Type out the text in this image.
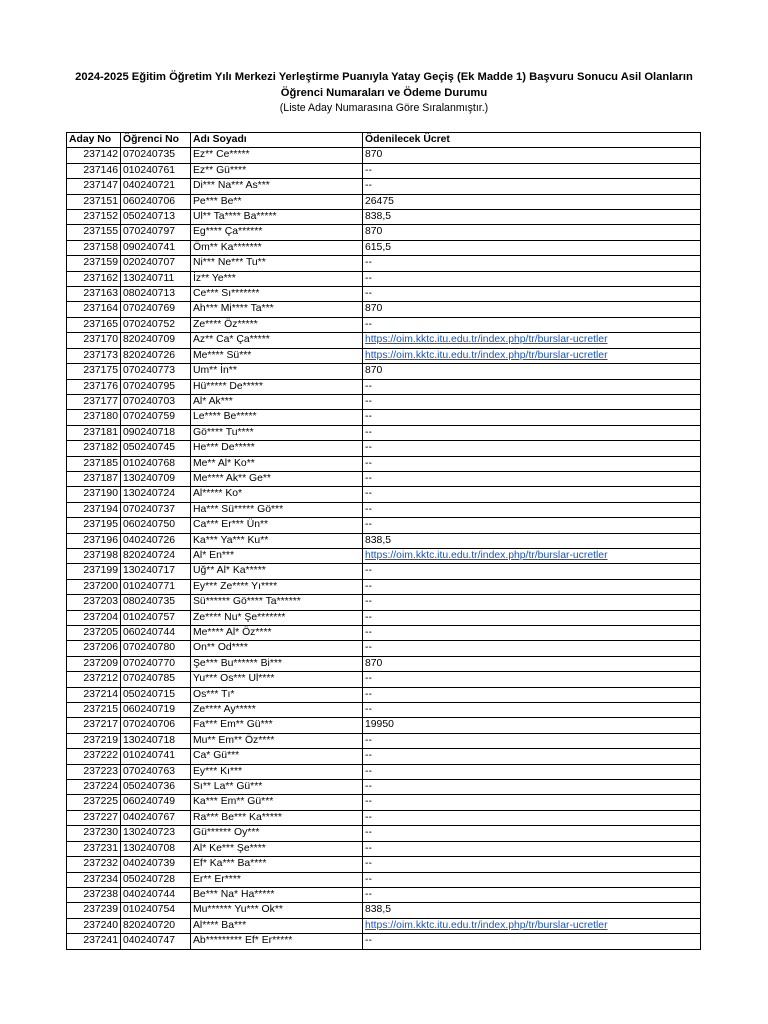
2024-2025 Eğitim Öğretim Yılı Merkezi Yerleştirme Puanıyla Yatay Geçiş (Ek Madde 1) Başvuru Sonucu Asil Olanların

Öğrenci Numaraları ve Ödeme Durumu

(Liste Aday Numarasına Göre Sıralanmıştır.)

Aday No	Öğrenci No	Adı Soyadı	Ödenilecek Ücret
237142	070240735	Ez** Ce*****	870
237146	010240761	Ez** Gü****	--
237147	040240721	Di*** Na*** As***	--
237151	060240706	Pe*** Be**	26475
237152	050240713	Ul** Ta**** Ba*****	838,5
237155	070240797	Eg**** Ça******	870
237158	090240741	Öm** Ka*******	615,5
237159	020240707	Ni*** Ne*** Tu**	--
237162	130240711	İz** Ye***	--
237163	080240713	Ce*** Sı*******	--
237164	070240769	Ah*** Mi**** Ta***	870
237165	070240752	Ze**** Öz*****	--
237170	820240709	Az** Ca* Ça*****	https://oim.kktc.itu.edu.tr/index.php/tr/burslar-ucretler
237173	820240726	Me**** Sü***	https://oim.kktc.itu.edu.tr/index.php/tr/burslar-ucretler
237175	070240773	Um** İn**	870
237176	070240795	Hü***** De*****	--
237177	070240703	Al* Ak***	--
237180	070240759	Le**** Be*****	--
237181	090240718	Gö**** Tu****	--
237182	050240745	He*** De*****	--
237185	010240768	Me** Al* Ko**	--
237187	130240709	Me**** Ak** Ge**	--
237190	130240724	Al***** Ko*	--
237194	070240737	Ha*** Sü***** Gö***	--
237195	060240750	Ca*** Er*** Ün**	--
237196	040240726	Ka*** Ya*** Ku**	838,5
237198	820240724	Al* En***	https://oim.kktc.itu.edu.tr/index.php/tr/burslar-ucretler
237199	130240717	Uğ** Al* Ka*****	--
237200	010240771	Ey*** Ze**** Yı****	--
237203	080240735	Sü****** Gö**** Ta******	--
237204	010240757	Ze**** Nu* Şe*******	--
237205	060240744	Me**** Al* Öz****	--
237206	070240780	On** Od****	--
237209	070240770	Şe*** Bu****** Bi***	870
237212	070240785	Yu*** Os*** Ul****	--
237214	050240715	Os*** Tı*	--
237215	060240719	Ze**** Ay*****	--
237217	070240706	Fa*** Em** Gü***	19950
237219	130240718	Mu** Em** Öz****	--
237222	010240741	Ca* Gü***	--
237223	070240763	Ey*** Kı***	--
237224	050240736	Sı** La** Gü***	--
237225	060240749	Ka*** Em** Gü***	--
237227	040240767	Ra*** Be*** Ka*****	--
237230	130240723	Gü****** Oy***	--
237231	130240708	Al* Ke*** Şe****	--
237232	040240739	Ef* Ka*** Ba****	--
237234	050240728	Er** Er****	--
237238	040240744	Be*** Na* Ha*****	--
237239	010240754	Mu****** Yu*** Ok**	838,5
237240	820240720	Al**** Ba***	https://oim.kktc.itu.edu.tr/index.php/tr/burslar-ucretler
237241	040240747	Ab********* Ef* Er*****	--
